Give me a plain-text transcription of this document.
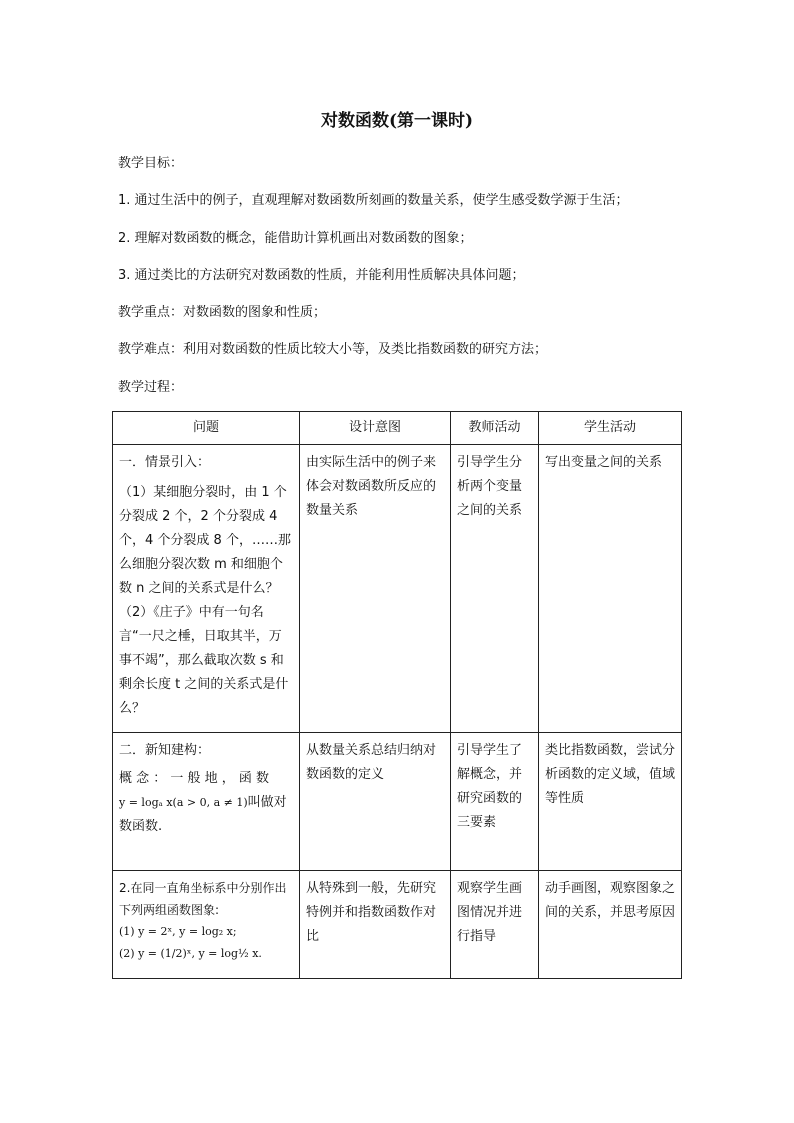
对数函数(第一课时)
教学目标：
1. 通过生活中的例子，直观理解对数函数所刻画的数量关系，使学生感受数学源于生活；
2. 理解对数函数的概念，能借助计算机画出对数函数的图象；
3. 通过类比的方法研究对数函数的性质，并能利用性质解决具体问题；
教学重点：对数函数的图象和性质；
教学难点：利用对数函数的性质比较大小等，及类比指数函数的研究方法；
教学过程：
问题	设计意图	教师活动	学生活动

一．情景引入：
（1）某细胞分裂时，由 1 个分裂成 2 个，2 个分裂成 4 个，4 个分裂成 8 个，……那么细胞分裂次数 m 和细胞个数 n 之间的关系式是什么？
（2）《庄子》中有一句名言“一尺之棰，日取其半，万事不竭”，那么截取次数 s 和剩余长度 t 之间的关系式是什么？	由实际生活中的例子来体会对数函数所反应的数量关系	引导学生分析两个变量之间的关系	写出变量之间的关系

二．新知建构：
概 念 ： 一 般 地 ， 函 数
y = logₐ x(a > 0, a ≠ 1)叫做对数函数.	从数量关系总结归纳对数函数的定义	引导学生了解概念，并研究函数的三要素	类比指数函数，尝试分析函数的定义域，值域等性质

2.在同一直角坐标系中分别作出下列两组函数图象:
(1) y = 2ˣ, y = log₂ x;
(2) y = (1/2)ˣ, y = log½ x.	从特殊到一般，先研究特例并和指数函数作对比	观察学生画图情况并进行指导	动手画图，观察图象之间的关系，并思考原因
